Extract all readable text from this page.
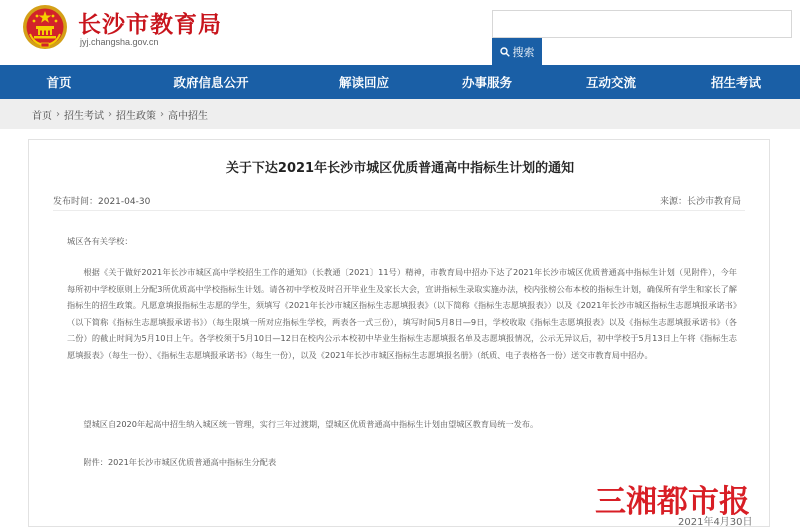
长沙市教育局
jyj.changsha.gov.cn
搜索
首页	政府信息公开	解读回应	办事服务	互动交流	招生考试
首页 › 招生考试 › 招生政策 › 高中招生
关于下达2021年长沙市城区优质普通高中指标生计划的通知
发布时间：2021-04-30	来源：长沙市教育局
城区各有关学校：
根据《关于做好2021年长沙市城区高中学校招生工作的通知》（长教通〔2021〕11号）精神，市教育局中招办下达了2021年长沙市城区优质普通高中指标生计划（见附件），今年每所初中学校原则上分配3所优质高中学校指标生计划。请各初中学校及时召开毕业生及家长大会，宣讲指标生录取实施办法，校内张榜公布本校的指标生计划，确保所有学生和家长了解指标生的招生政策。凡愿意填报指标生志愿的学生，须填写《2021年长沙市城区指标生志愿填报表》（以下简称《指标生志愿填报表》）以及《2021年长沙市城区指标生志愿填报承诺书》（以下简称《指标生志愿填报承诺书》）（每生限填一所对应指标生学校，两表各一式三份），填写时间5月8日—9日，学校收取《指标生志愿填报表》以及《指标生志愿填报承诺书》（各二份）的截止时间为5月10日上午。各学校须于5月10日—12日在校内公示本校初中毕业生指标生志愿填报名单及志愿填报情况，公示无异议后，初中学校于5月13日上午将《指标生志愿填报表》（每生一份）、《指标生志愿填报承诺书》（每生一份），以及《2021年长沙市城区指标生志愿填报名册》（纸质、电子表格各一份）送交市教育局中招办。
望城区自2020年起高中招生纳入城区统一管理，实行三年过渡期，望城区优质普通高中指标生计划由望城区教育局统一发布。
附件：2021年长沙市城区优质普通高中指标生分配表
三湘都市报
2021年4月30日
